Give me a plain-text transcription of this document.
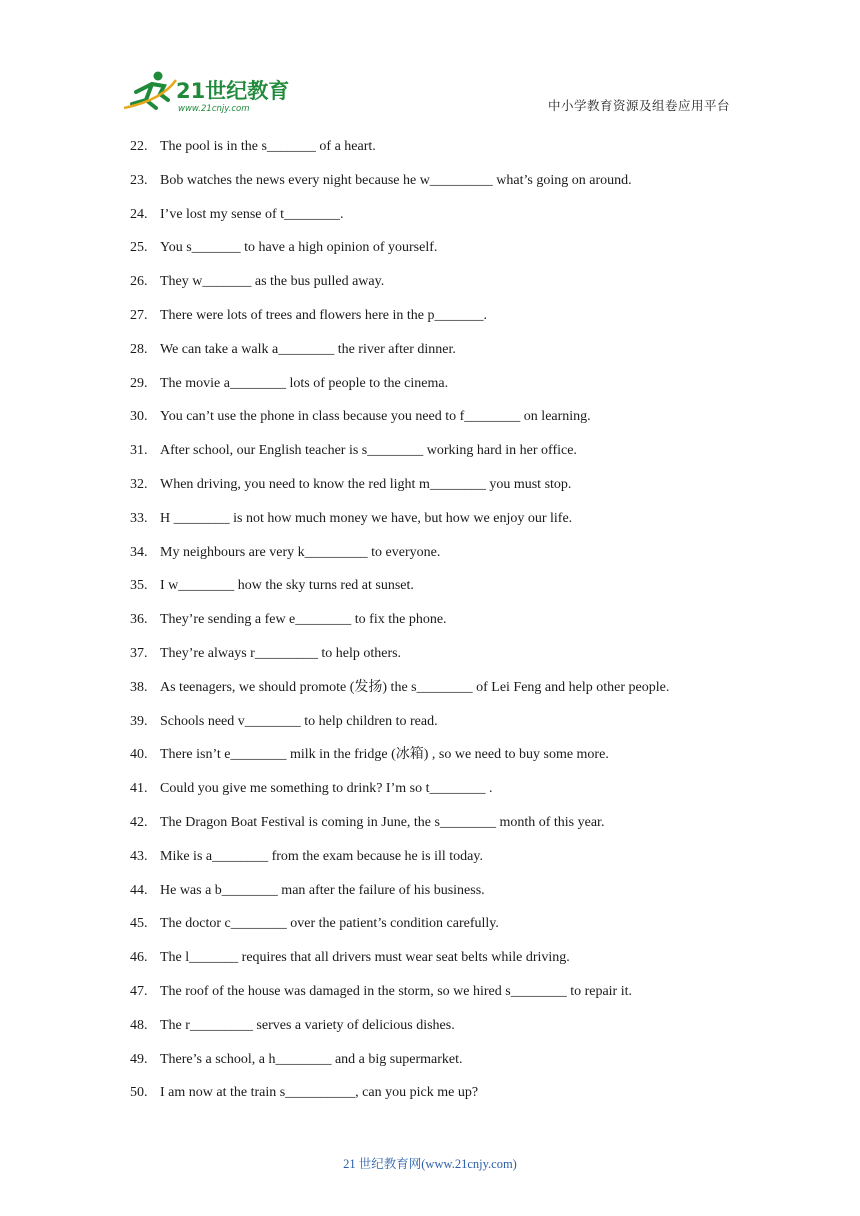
21世纪教育
www.21cnjy.com	中小学教育资源及组卷应用平台
22. The pool is in the s_______ of a heart.
23. Bob watches the news every night because he w_________ what’s going on around.
24. I’ve lost my sense of t________.
25. You s_______ to have a high opinion of yourself.
26. They w_______ as the bus pulled away.
27. There were lots of trees and flowers here in the p_______.
28. We can take a walk a________ the river after dinner.
29. The movie a________ lots of people to the cinema.
30. You can’t use the phone in class because you need to f________ on learning.
31. After school, our English teacher is s________ working hard in her office.
32. When driving, you need to know the red light m________ you must stop.
33. H ________ is not how much money we have, but how we enjoy our life.
34. My neighbours are very k_________ to everyone.
35. I w________ how the sky turns red at sunset.
36. They’re sending a few e________ to fix the phone.
37. They’re always r_________ to help others.
38. As teenagers, we should promote (发扬) the s________ of Lei Feng and help other people.
39. Schools need v________ to help children to read.
40. There isn’t e________ milk in the fridge (冰箱) , so we need to buy some more.
41. Could you give me something to drink? I’m so t________ .
42. The Dragon Boat Festival is coming in June, the s________ month of this year.
43. Mike is a________ from the exam because he is ill today.
44. He was a b________ man after the failure of his business.
45. The doctor c________ over the patient’s condition carefully.
46. The l_______ requires that all drivers must wear seat belts while driving.
47. The roof of the house was damaged in the storm, so we hired s________ to repair it.
48. The r_________ serves a variety of delicious dishes.
49. There’s a school, a h________ and a big supermarket.
50. I am now at the train s__________, can you pick me up?
21 世纪教育网(www.21cnjy.com)
